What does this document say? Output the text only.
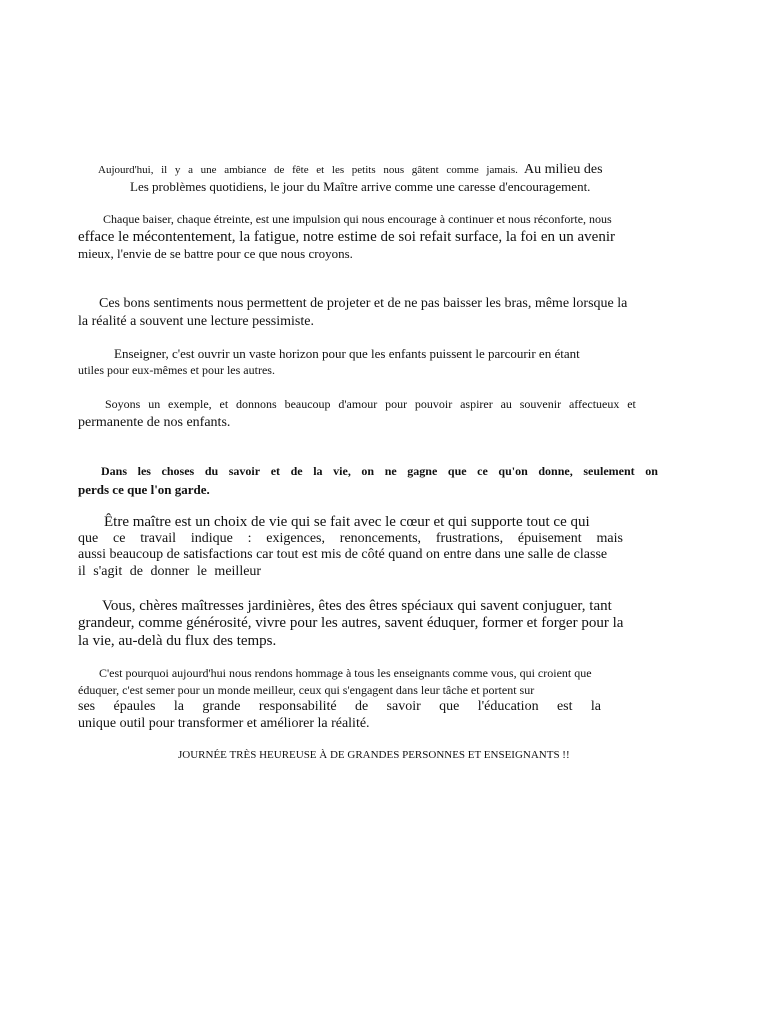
Aujourd'hui, il y a une ambiance de fête et les petits nous gâtent comme jamais. Au milieu des
Les problèmes quotidiens, le jour du Maître arrive comme une caresse d'encouragement.
Chaque baiser, chaque étreinte, est une impulsion qui nous encourage à continuer et nous réconforte, nous
efface le mécontentement, la fatigue, notre estime de soi refait surface, la foi en un avenir
mieux, l'envie de se battre pour ce que nous croyons.
Ces bons sentiments nous permettent de projeter et de ne pas baisser les bras, même lorsque la
la réalité a souvent une lecture pessimiste.
Enseigner, c'est ouvrir un vaste horizon pour que les enfants puissent le parcourir en étant
utiles pour eux-mêmes et pour les autres.
Soyons un exemple, et donnons beaucoup d'amour pour pouvoir aspirer au souvenir affectueux et
permanente de nos enfants.
Dans les choses du savoir et de la vie, on ne gagne que ce qu'on donne, seulement on
perds ce que l'on garde.
Être maître est un choix de vie qui se fait avec le cœur et qui supporte tout ce qui
que ce travail indique : exigences, renoncements, frustrations, épuisement mais
aussi beaucoup de satisfactions car tout est mis de côté quand on entre dans une salle de classe
il s'agit de donner le meilleur
Vous, chères maîtresses jardinières, êtes des êtres spéciaux qui savent conjuguer, tant
grandeur, comme générosité, vivre pour les autres, savent éduquer, former et forger pour la
la vie, au-delà du flux des temps.
C'est pourquoi aujourd'hui nous rendons hommage à tous les enseignants comme vous, qui croient que
éduquer, c'est semer pour un monde meilleur, ceux qui s'engagent dans leur tâche et portent sur
ses épaules la grande responsabilité de savoir que l'éducation est la
unique outil pour transformer et améliorer la réalité.
JOURNÉE TRÈS HEUREUSE À DE GRANDES PERSONNES ET ENSEIGNANTS !!
